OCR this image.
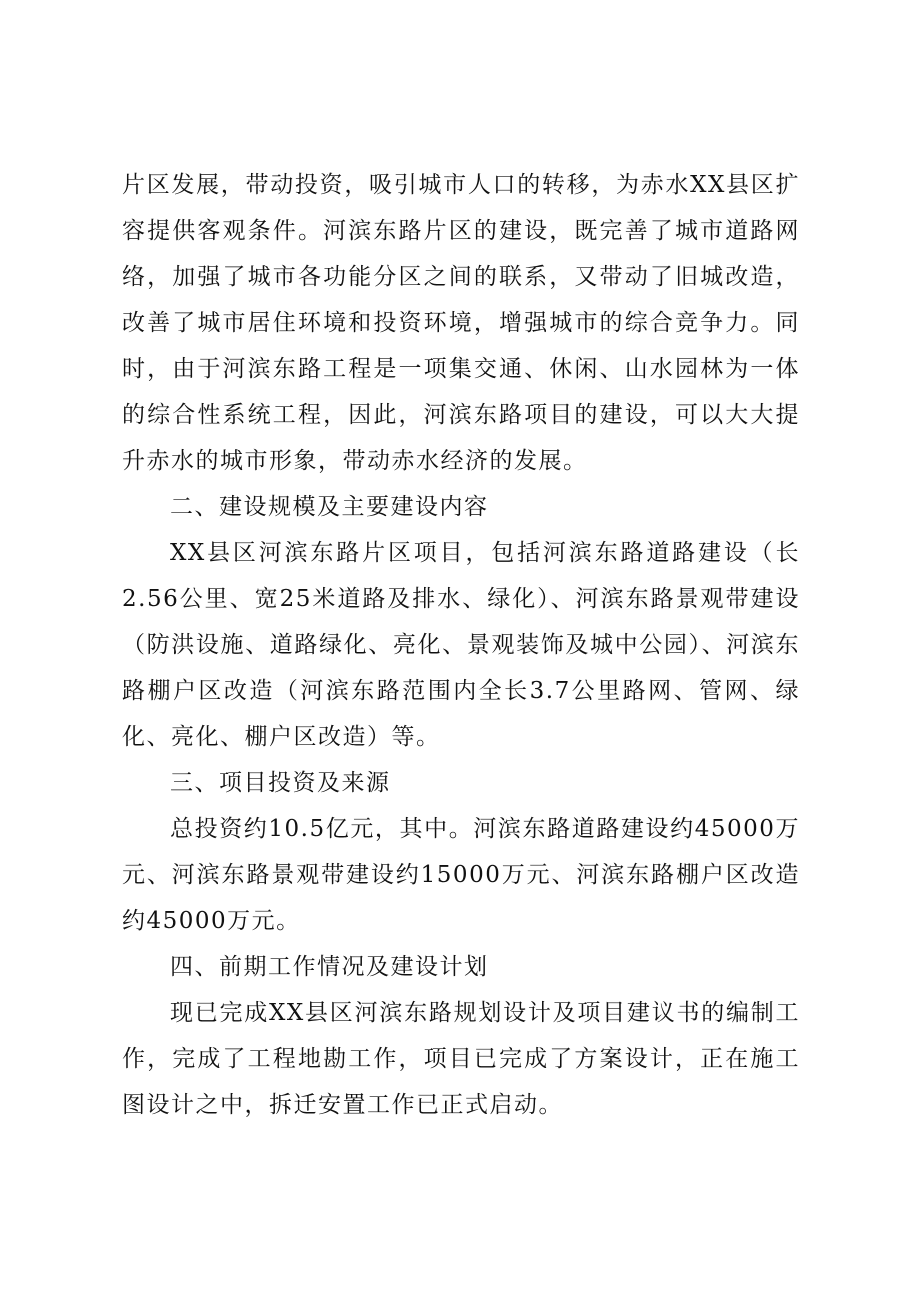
片区发展，带动投资，吸引城市人口的转移，为赤水XX县区扩容提供客观条件。河滨东路片区的建设，既完善了城市道路网络，加强了城市各功能分区之间的联系，又带动了旧城改造，改善了城市居住环境和投资环境，增强城市的综合竞争力。同时，由于河滨东路工程是一项集交通、休闲、山水园林为一体的综合性系统工程，因此，河滨东路项目的建设，可以大大提升赤水的城市形象，带动赤水经济的发展。

二、建设规模及主要建设内容

XX县区河滨东路片区项目，包括河滨东路道路建设（长2.56公里、宽25米道路及排水、绿化）、河滨东路景观带建设（防洪设施、道路绿化、亮化、景观装饰及城中公园）、河滨东路棚户区改造（河滨东路范围内全长3.7公里路网、管网、绿化、亮化、棚户区改造）等。

三、项目投资及来源

总投资约10.5亿元，其中。河滨东路道路建设约45000万元、河滨东路景观带建设约15000万元、河滨东路棚户区改造约45000万元。

四、前期工作情况及建设计划

现已完成XX县区河滨东路规划设计及项目建议书的编制工作，完成了工程地勘工作，项目已完成了方案设计，正在施工图设计之中，拆迁安置工作已正式启动。
